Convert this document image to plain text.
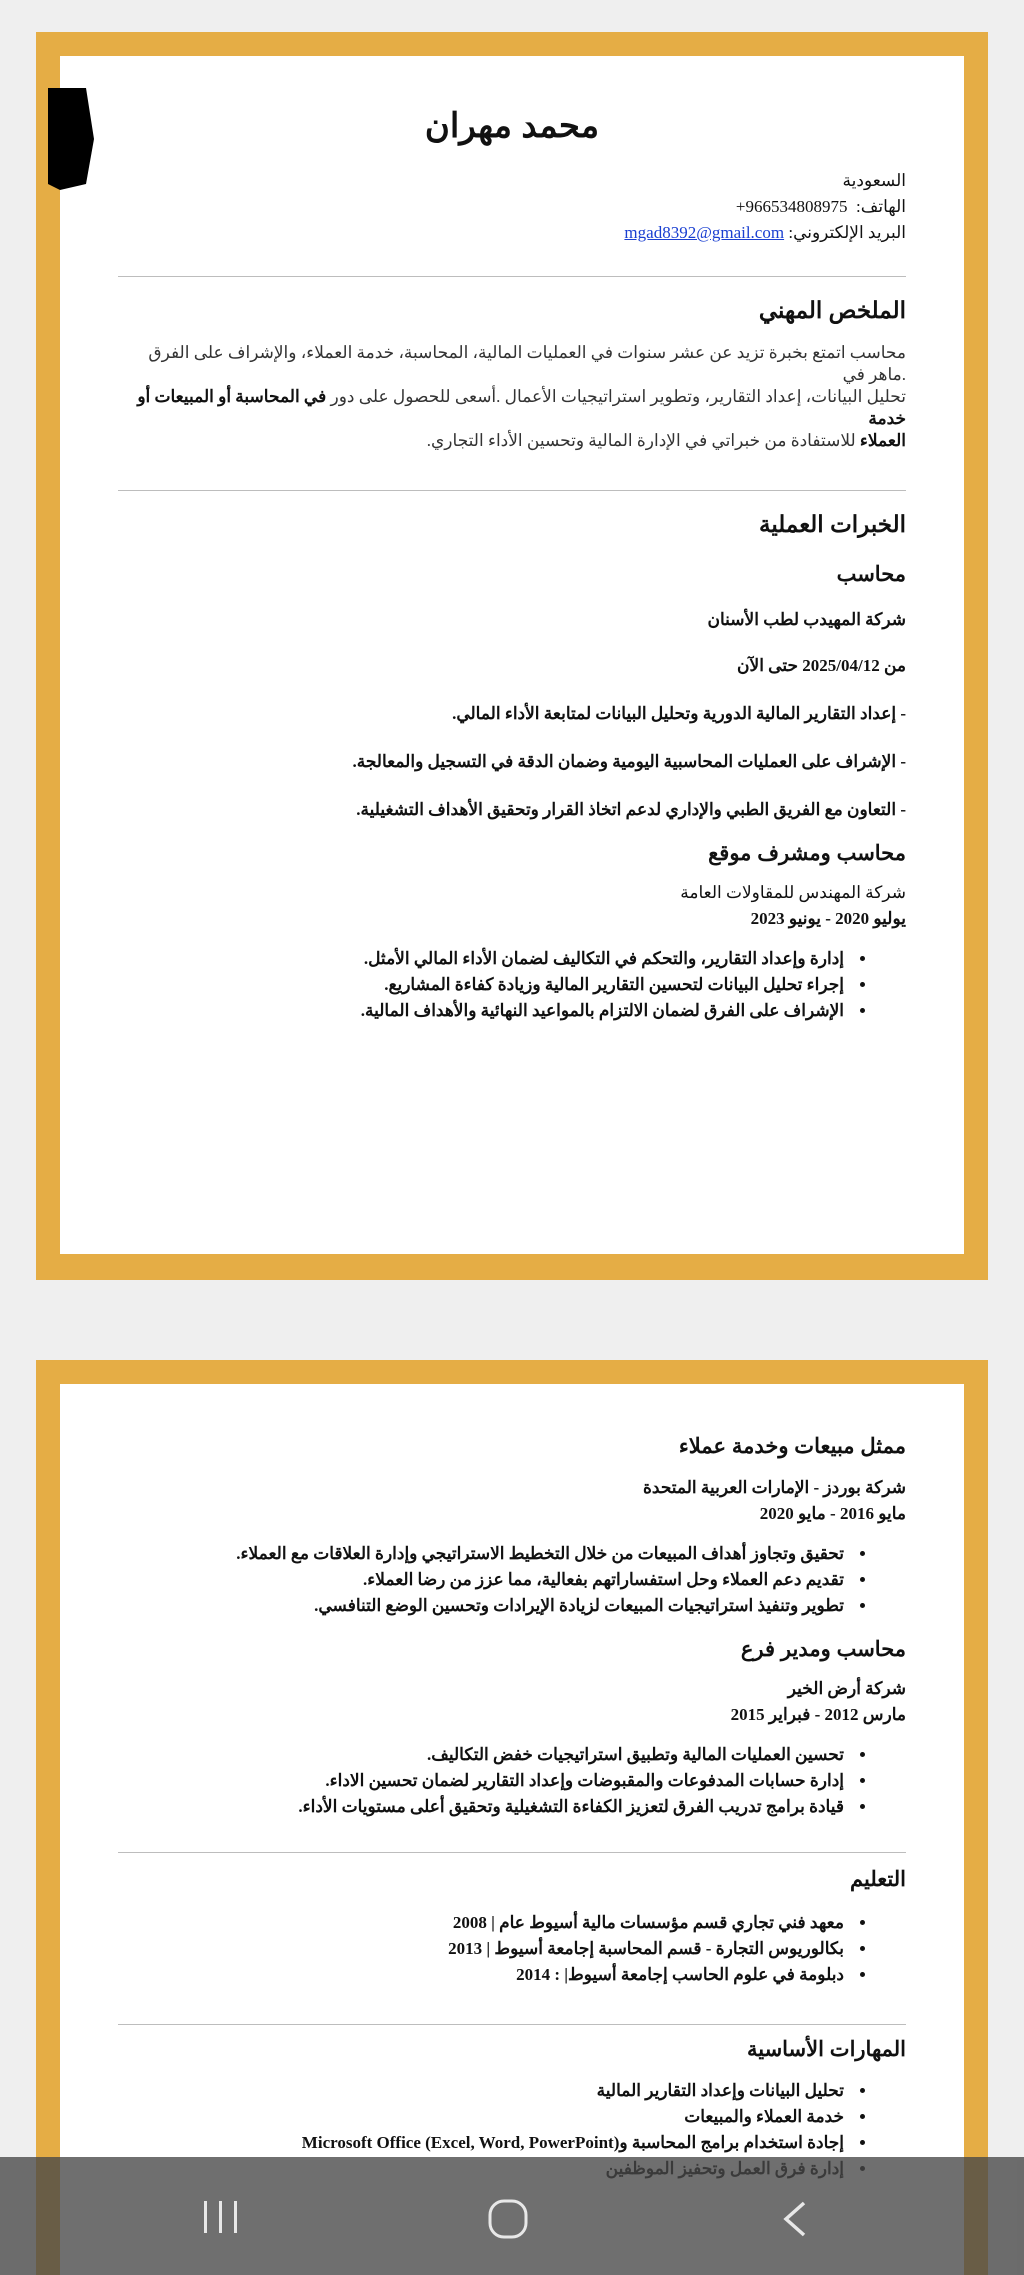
محمد مهران
السعودية
الهاتف:  +966534808975
البريد الإلكتروني: mgad8392@gmail.com
الملخص المهني
محاسب اتمتع بخبرة تزيد عن عشر سنوات في العمليات المالية، المحاسبة، خدمة العملاء، والإشراف على الفرق .ماهر في
تحليل البيانات، إعداد التقارير، وتطوير استراتيجيات الأعمال .أسعى للحصول على دور في المحاسبة أو المبيعات أو خدمة
العملاء للاستفادة من خبراتي في الإدارة المالية وتحسين الأداء التجاري.
الخبرات العملية
محاسب
شركة المهيدب لطب الأسنان
من 2025/04/12 حتى الآن
- إعداد التقارير المالية الدورية وتحليل البيانات لمتابعة الأداء المالي.
- الإشراف على العمليات المحاسبية اليومية وضمان الدقة في التسجيل والمعالجة.
- التعاون مع الفريق الطبي والإداري لدعم اتخاذ القرار وتحقيق الأهداف التشغيلية.
محاسب ومشرف موقع
شركة المهندس للمقاولات العامة
يوليو 2020 - يونيو 2023
• إدارة وإعداد التقارير، والتحكم في التكاليف لضمان الأداء المالي الأمثل.
• إجراء تحليل البيانات لتحسين التقارير المالية وزيادة كفاءة المشاريع.
• الإشراف على الفرق لضمان الالتزام بالمواعيد النهائية والأهداف المالية.
ممثل مبيعات وخدمة عملاء
شركة بوردز - الإمارات العربية المتحدة
مايو 2016 - مايو 2020
• تحقيق وتجاوز أهداف المبيعات من خلال التخطيط الاستراتيجي وإدارة العلاقات مع العملاء.
• تقديم دعم العملاء وحل استفساراتهم بفعالية، مما عزز من رضا العملاء.
• تطوير وتنفيذ استراتيجيات المبيعات لزيادة الإيرادات وتحسين الوضع التنافسي.
محاسب ومدير فرع
شركة أرض الخير
مارس 2012 - فبراير 2015
• تحسين العمليات المالية وتطبيق استراتيجيات خفض التكاليف.
• إدارة حسابات المدفوعات والمقبوضات وإعداد التقارير لضمان تحسين الاداء.
• قيادة برامج تدريب الفرق لتعزيز الكفاءة التشغيلية وتحقيق أعلى مستويات الأداء.
التعليم
• معهد فني تجاري قسم مؤسسات مالية أسيوط عام | 2008
• بكالوريوس التجارة - قسم المحاسبة إجامعة أسيوط | 2013
• دبلومة في علوم الحاسب إجامعة أسيوط| : 2014
المهارات الأساسية
• تحليل البيانات وإعداد التقارير المالية
• خدمة العملاء والمبيعات
• إجادة استخدام برامج المحاسبة و(Microsoft Office (Excel, Word, PowerPoint
•
